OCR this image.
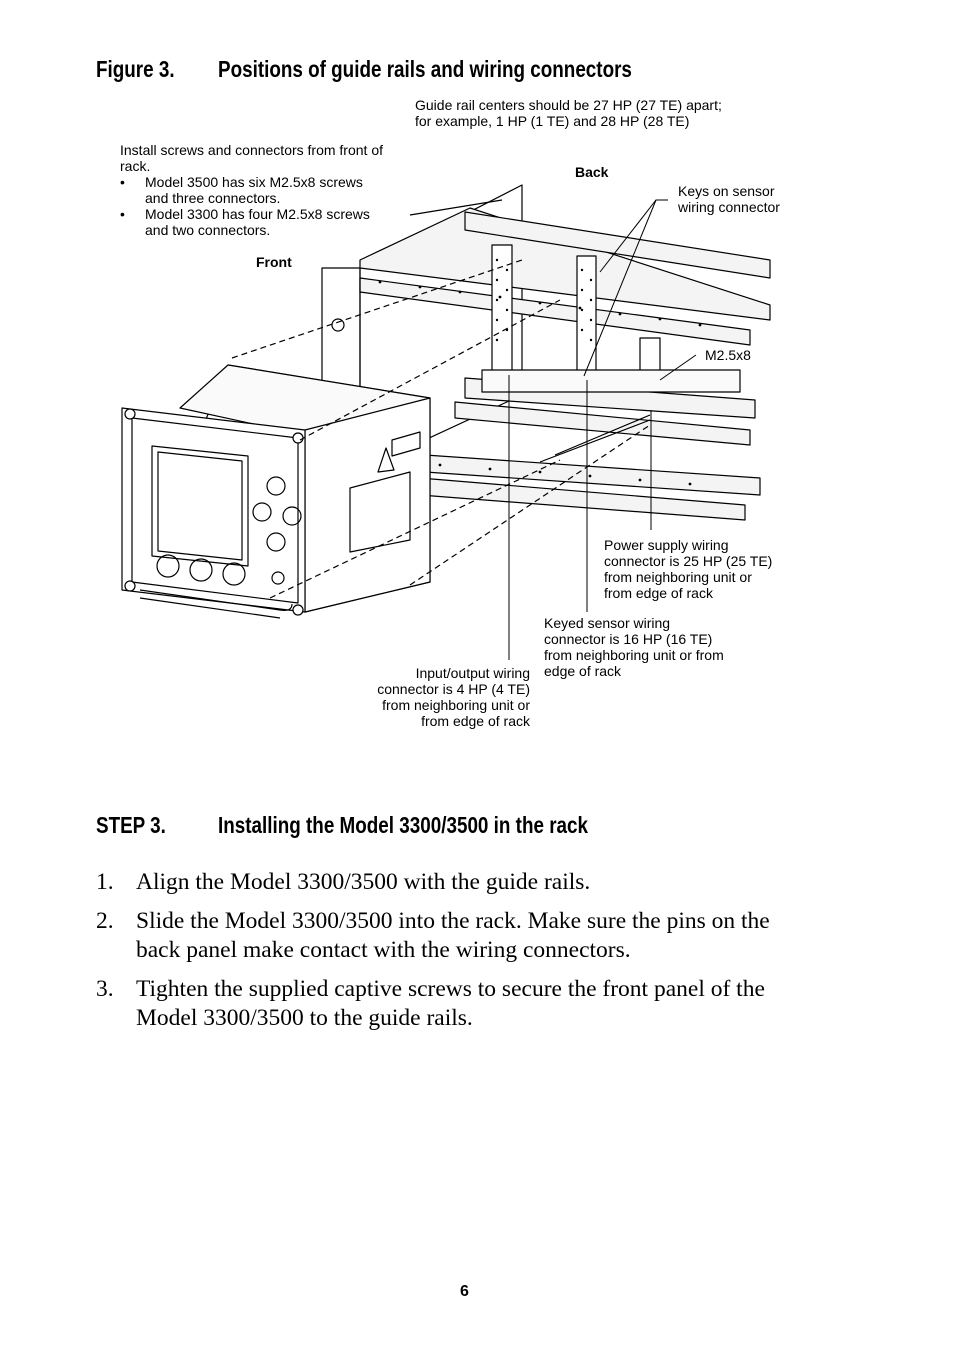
Figure 3. Positions of guide rails and wiring connectors
Guide rail centers should be 27 HP (27 TE) apart;
for example, 1 HP (1 TE) and 28 HP (28 TE)
Install screws and connectors from front of
rack.
• Model 3500 has six M2.5x8 screws
and three connectors.
• Model 3300 has four M2.5x8 screws
and two connectors.
Back
Front
Keys on sensor
wiring connector
M2.5x8
Power supply wiring
connector is 25 HP (25 TE)
from neighboring unit or
from edge of rack
Keyed sensor wiring
connector is 16 HP (16 TE)
from neighboring unit or from
edge of rack
Input/output wiring
connector is 4 HP (4 TE)
from neighboring unit or
from edge of rack
STEP 3. Installing the Model 3300/3500 in the rack
1. Align the Model 3300/3500 with the guide rails.
2. Slide the Model 3300/3500 into the rack. Make sure the pins on the
back panel make contact with the wiring connectors.
3. Tighten the supplied captive screws to secure the front panel of the
Model 3300/3500 to the guide rails.
6
